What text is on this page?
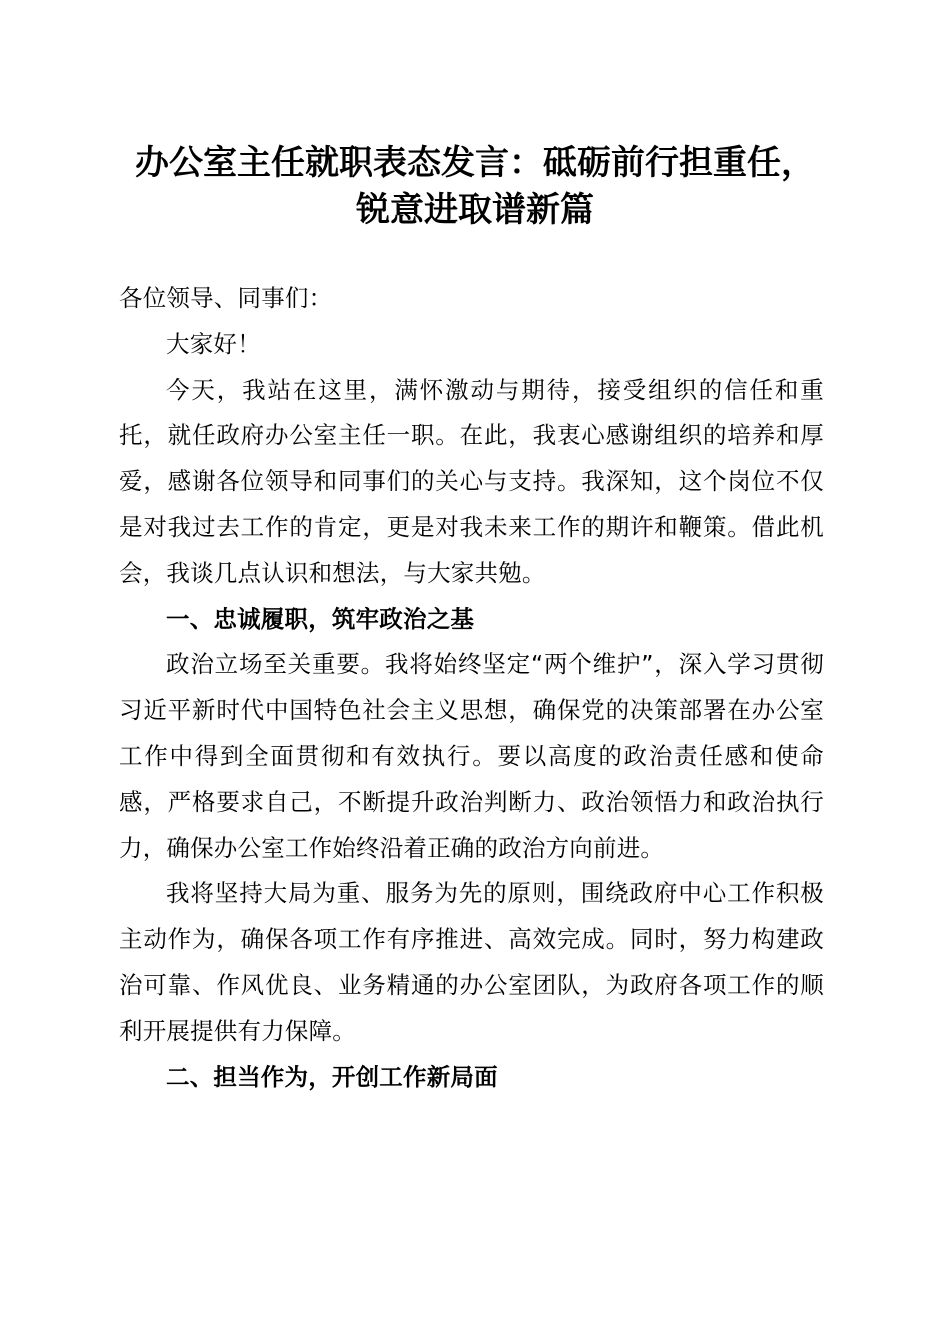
办公室主任就职表态发言：砥砺前行担重任，
锐意进取谱新篇

各位领导、同事们：

大家好！

今天，我站在这里，满怀激动与期待，接受组织的信任和重托，就任政府办公室主任一职。在此，我衷心感谢组织的培养和厚爱，感谢各位领导和同事们的关心与支持。我深知，这个岗位不仅是对我过去工作的肯定，更是对我未来工作的期许和鞭策。借此机会，我谈几点认识和想法，与大家共勉。

一、忠诚履职，筑牢政治之基

政治立场至关重要。我将始终坚定“两个维护”，深入学习贯彻习近平新时代中国特色社会主义思想，确保党的决策部署在办公室工作中得到全面贯彻和有效执行。要以高度的政治责任感和使命感，严格要求自己，不断提升政治判断力、政治领悟力和政治执行力，确保办公室工作始终沿着正确的政治方向前进。

我将坚持大局为重、服务为先的原则，围绕政府中心工作积极主动作为，确保各项工作有序推进、高效完成。同时，努力构建政治可靠、作风优良、业务精通的办公室团队，为政府各项工作的顺利开展提供有力保障。

二、担当作为，开创工作新局面
